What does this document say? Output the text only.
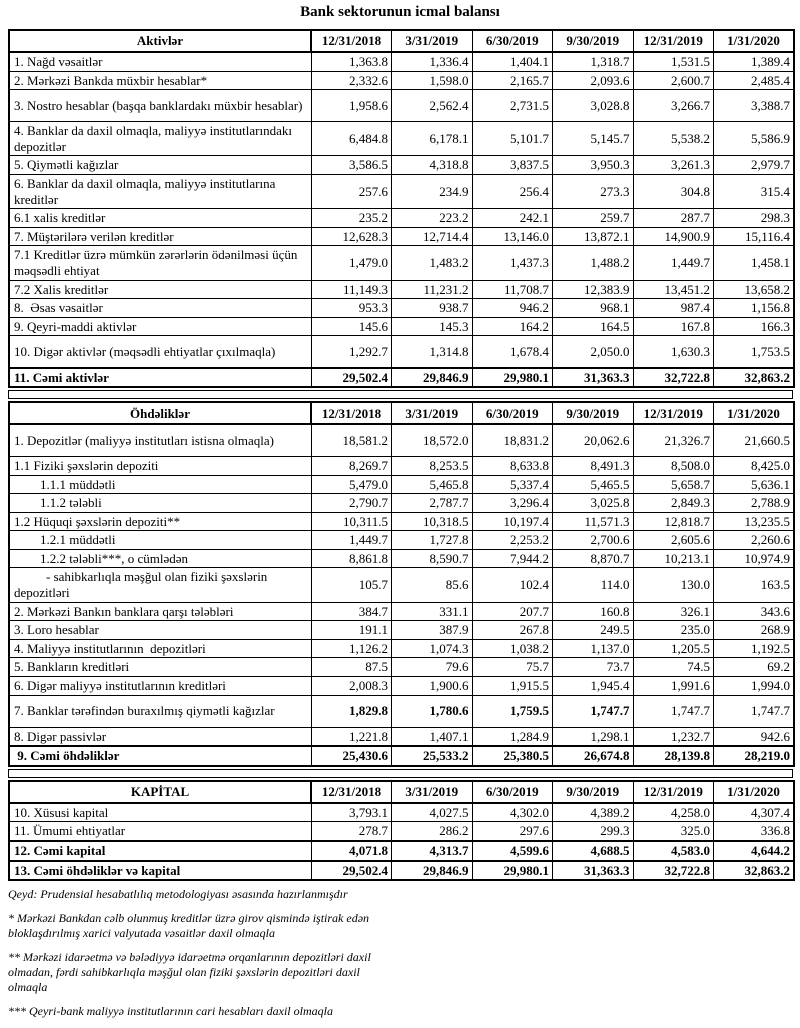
Bank sektorunun icmal balansı
Aktivlər	12/31/2018	3/31/2019	6/30/2019	9/30/2019	12/31/2019	1/31/2020
1. Nağd vəsaitlər	1,363.8	1,336.4	1,404.1	1,318.7	1,531.5	1,389.4
2. Mərkəzi Bankda müxbir hesablar*	2,332.6	1,598.0	2,165.7	2,093.6	2,600.7	2,485.4
3. Nostro hesablar (başqa banklardakı müxbir hesablar)	1,958.6	2,562.4	2,731.5	3,028.8	3,266.7	3,388.7
4. Banklar da daxil olmaqla, maliyyə institutlarındakı depozitlər	6,484.8	6,178.1	5,101.7	5,145.7	5,538.2	5,586.9
5. Qiymətli kağızlar	3,586.5	4,318.8	3,837.5	3,950.3	3,261.3	2,979.7
6. Banklar da daxil olmaqla, maliyyə institutlarına kreditlər	257.6	234.9	256.4	273.3	304.8	315.4
6.1 xalis kreditlər	235.2	223.2	242.1	259.7	287.7	298.3
7. Müştərilərə verilən kreditlər	12,628.3	12,714.4	13,146.0	13,872.1	14,900.9	15,116.4
7.1 Kreditlər üzrə mümkün zərərlərin ödənilməsi üçün məqsədli ehtiyat	1,479.0	1,483.2	1,437.3	1,488.2	1,449.7	1,458.1
7.2 Xalis kreditlər	11,149.3	11,231.2	11,708.7	12,383.9	13,451.2	13,658.2
8.  Əsas vəsaitlər	953.3	938.7	946.2	968.1	987.4	1,156.8
9. Qeyri-maddi aktivlər	145.6	145.3	164.2	164.5	167.8	166.3
10. Digər aktivlər (məqsədli ehtiyatlar çıxılmaqla)	1,292.7	1,314.8	1,678.4	2,050.0	1,630.3	1,753.5
11. Cəmi aktivlər	29,502.4	29,846.9	29,980.1	31,363.3	32,722.8	32,863.2
Öhdəliklər	12/31/2018	3/31/2019	6/30/2019	9/30/2019	12/31/2019	1/31/2020
1. Depozitlər (maliyyə institutları istisna olmaqla)	18,581.2	18,572.0	18,831.2	20,062.6	21,326.7	21,660.5
1.1 Fiziki şəxslərin depoziti	8,269.7	8,253.5	8,633.8	8,491.3	8,508.0	8,425.0
1.1.1 müddətli	5,479.0	5,465.8	5,337.4	5,465.5	5,658.7	5,636.1
1.1.2 tələbli	2,790.7	2,787.7	3,296.4	3,025.8	2,849.3	2,788.9
1.2 Hüquqi şəxslərin depoziti**	10,311.5	10,318.5	10,197.4	11,571.3	12,818.7	13,235.5
1.2.1 müddətli	1,449.7	1,727.8	2,253.2	2,700.6	2,605.6	2,260.6
1.2.2 tələbli***, o cümlədən	8,861.8	8,590.7	7,944.2	8,870.7	10,213.1	10,974.9
- sahibkarlıqla məşğul olan fiziki şəxslərin depozitləri	105.7	85.6	102.4	114.0	130.0	163.5
2. Mərkəzi Bankın banklara qarşı tələbləri	384.7	331.1	207.7	160.8	326.1	343.6
3. Loro hesablar	191.1	387.9	267.8	249.5	235.0	268.9
4. Maliyyə institutlarının  depozitləri	1,126.2	1,074.3	1,038.2	1,137.0	1,205.5	1,192.5
5. Bankların kreditləri	87.5	79.6	75.7	73.7	74.5	69.2
6. Digər maliyyə institutlarının kreditləri	2,008.3	1,900.6	1,915.5	1,945.4	1,991.6	1,994.0
7. Banklar tərəfindən buraxılmış qiymətli kağızlar	1,829.8	1,780.6	1,759.5	1,747.7	1,747.7	1,747.7
8. Digər passivlər	1,221.8	1,407.1	1,284.9	1,298.1	1,232.7	942.6
9. Cəmi öhdəliklər	25,430.6	25,533.2	25,380.5	26,674.8	28,139.8	28,219.0
KAPİTAL	12/31/2018	3/31/2019	6/30/2019	9/30/2019	12/31/2019	1/31/2020
10. Xüsusi kapital	3,793.1	4,027.5	4,302.0	4,389.2	4,258.0	4,307.4
11. Ümumi ehtiyatlar	278.7	286.2	297.6	299.3	325.0	336.8
12. Cəmi kapital	4,071.8	4,313.7	4,599.6	4,688.5	4,583.0	4,644.2
13. Cəmi öhdəliklər və kapital	29,502.4	29,846.9	29,980.1	31,363.3	32,722.8	32,863.2

Qeyd: Prudensial hesabatlılıq metodologiyası əsasında hazırlanmışdır

* Mərkəzi Bankdan cəlb olunmuş kreditlər üzrə girov qismində iştirak edən bloklaşdırılmış xarici valyutada vəsaitlər daxil olmaqla

** Mərkəzi idarəetmə və bələdiyyə idarəetmə orqanlarının depozitləri daxil olmadan, fərdi sahibkarlıqla məşğul olan fiziki şəxslərin depozitləri daxil olmaqla

*** Qeyri-bank maliyyə institutlarının cari hesabları daxil olmaqla
